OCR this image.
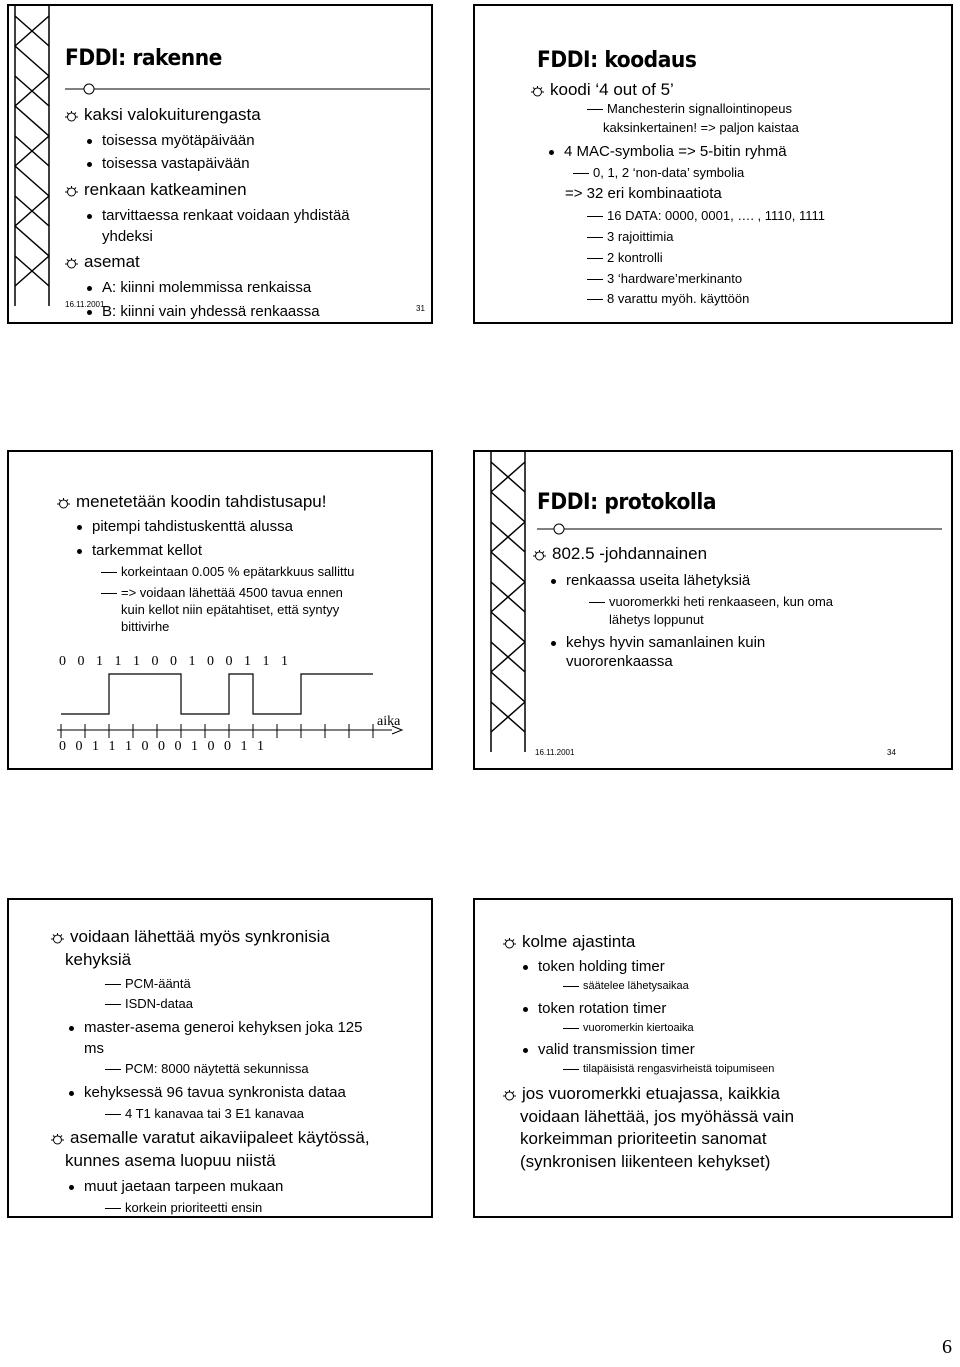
FDDI: rakenne
kaksi valokuiturengasta
toisessa myötäpäivään
toisessa vastapäivään
renkaan katkeaminen
tarvittaessa renkaat voidaan yhdistää
yhdeksi
asemat
A: kiinni molemmissa renkaissa
16.11.2001
B: kiinni vain yhdessä renkaassa	31
FDDI: koodaus
koodi ‘4 out of 5’
Manchesterin signallointinopeus
kaksinkertainen! => paljon kaistaa
4 MAC-symbolia => 5-bitin ryhmä
0, 1, 2 ‘non-data’ symbolia
=> 32 eri kombinaatiota
16 DATA: 0000, 0001, …. , 1110, 1111
3 rajoittimia
2 kontrolli
3 ‘hardware’merkinanto
8 varattu myöh. käyttöön
menetetään koodin tahdistusapu!
pitempi tahdistuskenttä alussa
tarkemmat kellot
korkeintaan 0.005 % epätarkkuus sallittu
=> voidaan lähettää 4500 tavua ennen
kuin kellot niin epätahtiset, että syntyy
bittivirhe
0 0 1 1 1 0 0 1 0 0 1 1 1
aika
0 0 1 1 1 0 0 0 1 0 0 1 1
FDDI: protokolla
802.5 -johdannainen
renkaassa useita lähetyksiä
vuoromerkki heti renkaaseen, kun oma
lähetys loppunut
kehys hyvin samanlainen kuin
vuororenkaassa
16.11.2001	34
voidaan lähettää myös synkronisia
kehyksiä
PCM-ääntä
ISDN-dataa
master-asema generoi kehyksen joka 125
ms
PCM: 8000 näytettä sekunnissa
kehyksessä 96 tavua synkronista dataa
4 T1 kanavaa tai 3 E1 kanavaa
asemalle varatut aikaviipaleet käytössä,
kunnes asema luopuu niistä
muut jaetaan tarpeen mukaan
korkein prioriteetti ensin
kolme ajastinta
token holding timer
säätelee lähetysaikaa
token rotation timer
vuoromerkin kiertoaika
valid transmission timer
tilapäisistä rengasvirheistä toipumiseen
jos vuoromerkki etuajassa, kaikkia
voidaan lähettää, jos myöhässä vain
korkeimman prioriteetin sanomat
(synkronisen liikenteen kehykset)
6
